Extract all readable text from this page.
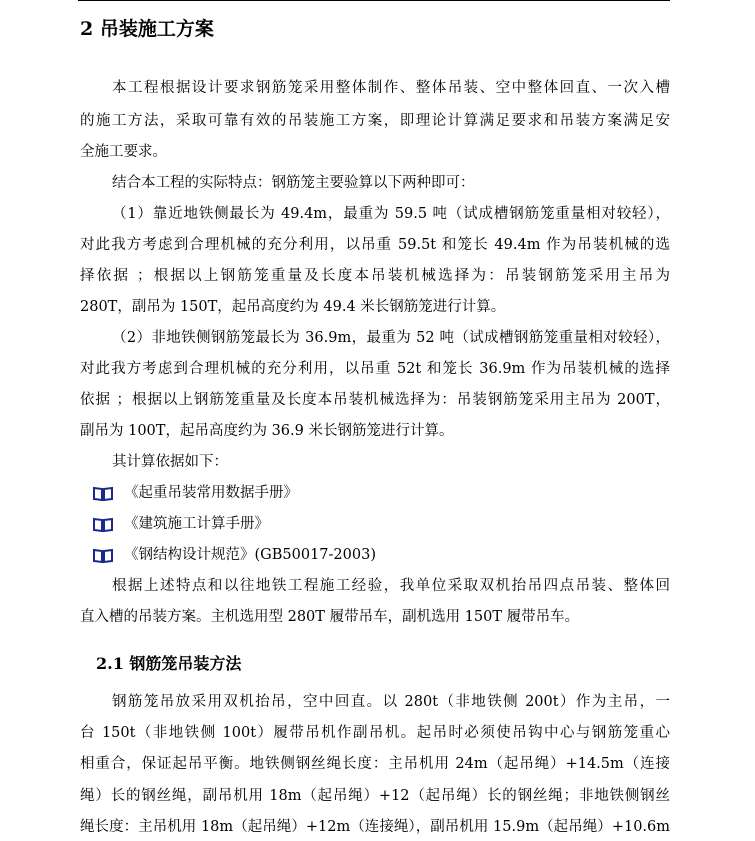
2 吊装施工方案
本工程根据设计要求钢筋笼采用整体制作、整体吊装、空中整体回直、一次入槽
的施工方法，采取可靠有效的吊装施工方案，即理论计算满足要求和吊装方案满足安
全施工要求。
结合本工程的实际特点：钢筋笼主要验算以下两种即可：
（1）靠近地铁侧最长为 49.4m，最重为 59.5 吨（试成槽钢筋笼重量相对较轻），
对此我方考虑到合理机械的充分利用，以吊重 59.5t 和笼长 49.4m 作为吊装机械的选
择依据 ；根据以上钢筋笼重量及长度本吊装机械选择为：吊装钢筋笼采用主吊为
280T，副吊为 150T，起吊高度约为 49.4 米长钢筋笼进行计算。
（2）非地铁侧钢筋笼最长为 36.9m，最重为 52 吨（试成槽钢筋笼重量相对较轻），
对此我方考虑到合理机械的充分利用，以吊重 52t 和笼长 36.9m 作为吊装机械的选择
依据 ；根据以上钢筋笼重量及长度本吊装机械选择为：吊装钢筋笼采用主吊为 200T，
副吊为 100T，起吊高度约为 36.9 米长钢筋笼进行计算。
其计算依据如下：
《起重吊装常用数据手册》
《建筑施工计算手册》
《钢结构设计规范》(GB50017-2003)
根据上述特点和以往地铁工程施工经验，我单位采取双机抬吊四点吊装、整体回
直入槽的吊装方案。主机选用型 280T 履带吊车，副机选用 150T 履带吊车。
2.1 钢筋笼吊装方法
钢筋笼吊放采用双机抬吊，空中回直。以 280t（非地铁侧 200t）作为主吊，一
台 150t（非地铁侧 100t）履带吊机作副吊机。起吊时必须使吊钩中心与钢筋笼重心
相重合，保证起吊平衡。地铁侧钢丝绳长度：主吊机用 24m（起吊绳）+14.5m（连接
绳）长的钢丝绳，副吊机用 18m（起吊绳）+12（起吊绳）长的钢丝绳；非地铁侧钢丝
绳长度：主吊机用 18m（起吊绳）+12m（连接绳），副吊机用 15.9m（起吊绳）+10.6m
